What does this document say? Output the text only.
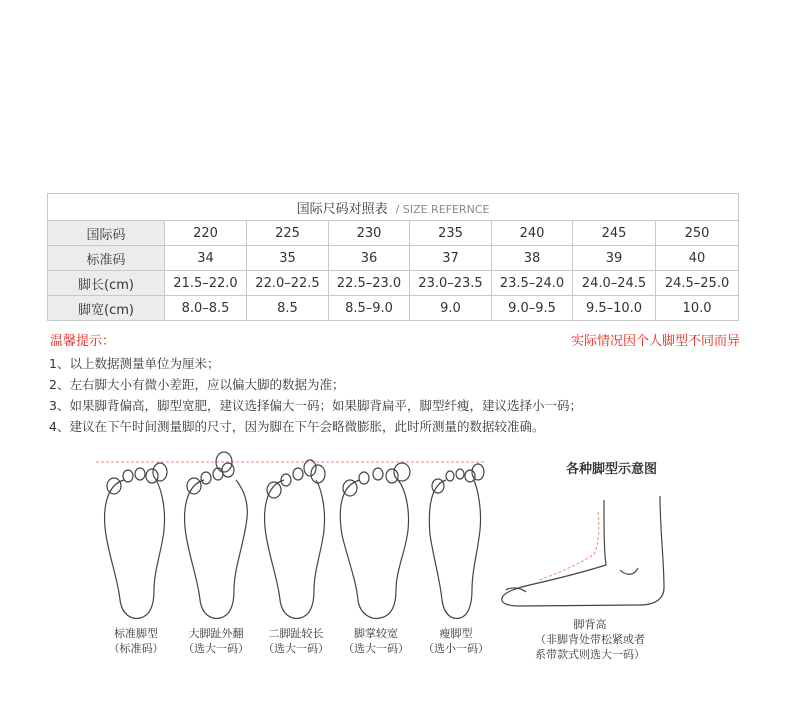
国际尺码对照表 / SIZE REFERNCE							
国际码	220	225	230	235	240	245	250
标准码	34	35	36	37	38	39	40
脚长(cm)	21.5–22.0	22.0–22.5	22.5–23.0	23.0–23.5	23.5–24.0	24.0–24.5	24.5–25.0
脚宽(cm)	8.0–8.5	8.5	8.5–9.0	9.0	9.0–9.5	9.5–10.0	10.0
温馨提示：	实际情况因个人脚型不同而异
1、以上数据测量单位为厘米；
2、左右脚大小有微小差距，应以偏大脚的数据为准；
3、如果脚背偏高，脚型宽肥，建议选择偏大一码；如果脚背扁平，脚型纤瘦，建议选择小一码；
4、建议在下午时间测量脚的尺寸，因为脚在下午会略微膨胀，此时所测量的数据较准确。
各种脚型示意图
标准脚型
（标准码）
大脚趾外翻
（选大一码）
二脚趾较长
（选大一码）
脚掌较宽
（选大一码）
瘦脚型
（选小一码）
脚背高
（非脚背处带松紧或者
系带款式则选大一码）
